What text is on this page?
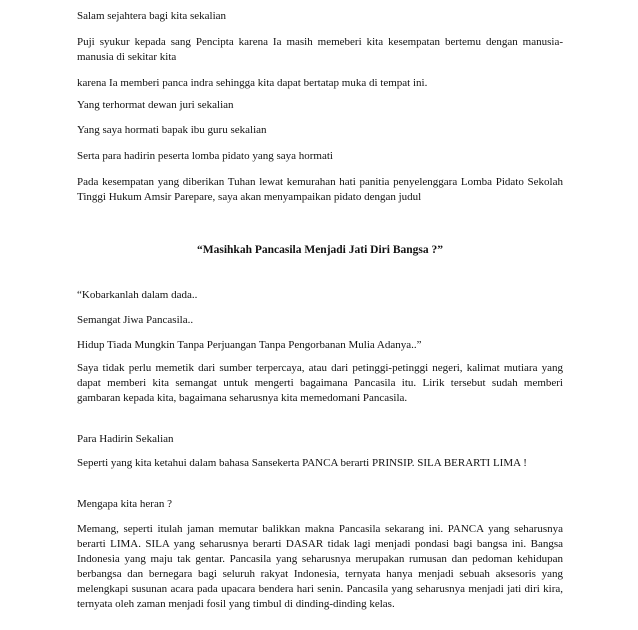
Salam sejahtera bagi kita sekalian

Puji syukur kepada sang Pencipta karena Ia masih memeberi kita kesempatan bertemu dengan manusia-manusia di sekitar kita

karena Ia memberi panca indra sehingga kita dapat bertatap muka di tempat ini.

Yang terhormat dewan juri sekalian

Yang saya hormati bapak ibu guru sekalian

Serta para hadirin peserta lomba pidato yang saya hormati

Pada kesempatan yang diberikan Tuhan lewat kemurahan hati panitia penyelenggara Lomba Pidato Sekolah Tinggi Hukum Amsir Parepare, saya akan menyampaikan pidato dengan judul

“Masihkah Pancasila Menjadi Jati Diri Bangsa ?”

“Kobarkanlah dalam dada..

Semangat Jiwa Pancasila..

Hidup Tiada Mungkin Tanpa Perjuangan Tanpa Pengorbanan Mulia Adanya..”

Saya tidak perlu memetik dari sumber terpercaya, atau dari petinggi-petinggi negeri, kalimat mutiara yang dapat memberi kita semangat untuk mengerti bagaimana Pancasila itu. Lirik tersebut sudah memberi gambaran kepada kita, bagaimana seharusnya kita memedomani Pancasila.

Para Hadirin Sekalian

Seperti yang kita ketahui dalam bahasa Sansekerta PANCA berarti PRINSIP. SILA BERARTI LIMA !

Mengapa kita heran ?

Memang, seperti itulah jaman memutar balikkan makna Pancasila sekarang ini. PANCA yang seharusnya berarti LIMA. SILA yang seharusnya berarti DASAR tidak lagi menjadi pondasi bagi bangsa ini. Bangsa Indonesia yang maju tak gentar. Pancasila yang seharusnya merupakan rumusan dan pedoman kehidupan berbangsa dan bernegara bagi seluruh rakyat Indonesia, ternyata hanya menjadi sebuah aksesoris yang melengkapi susunan acara pada upacara bendera hari senin. Pancasila yang seharusnya menjadi jati diri kira, ternyata oleh zaman menjadi fosil yang timbul di dinding-dinding kelas.
